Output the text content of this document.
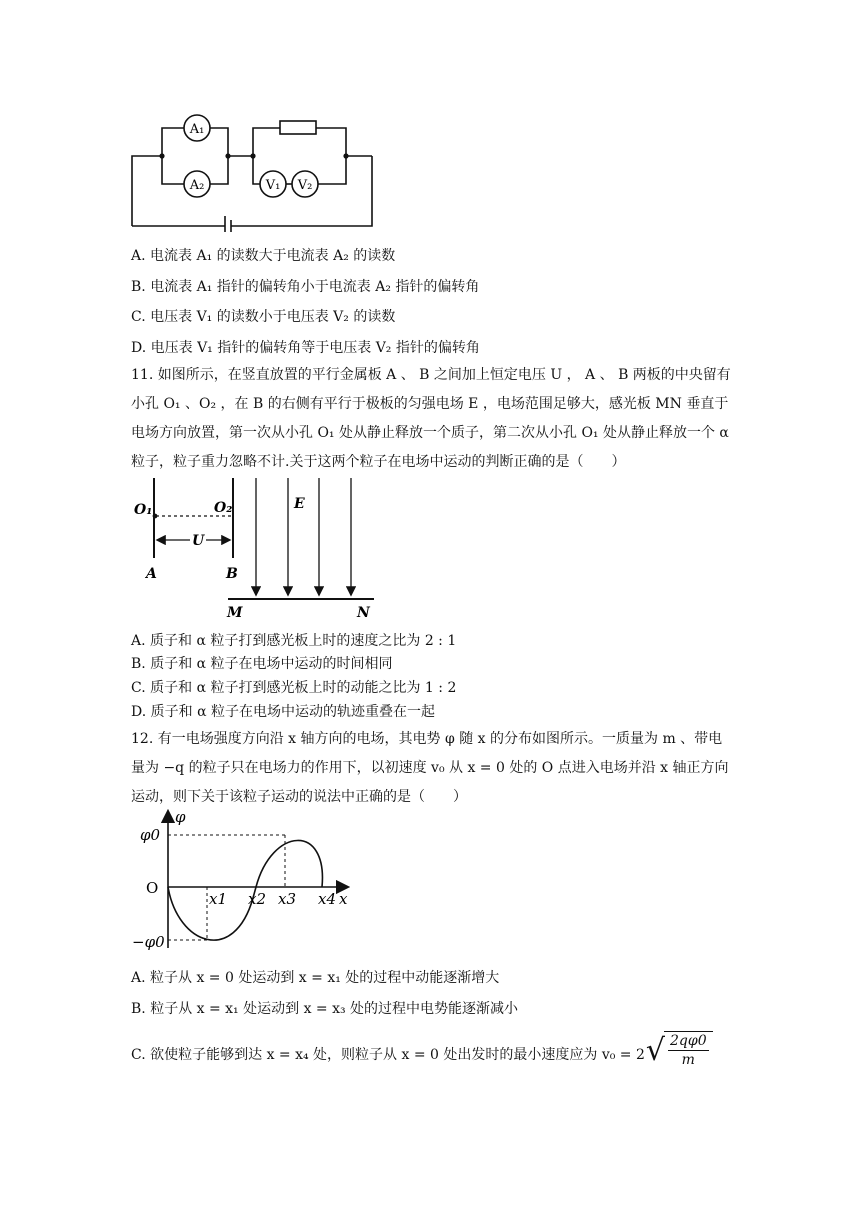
A₁
A₂	V₁ V₂
A. 电流表 A₁ 的读数大于电流表 A₂ 的读数
B. 电流表 A₁ 指针的偏转角小于电流表 A₂ 指针的偏转角
C. 电压表 V₁ 的读数小于电压表 V₂ 的读数
D. 电压表 V₁ 指针的偏转角等于电压表 V₂ 指针的偏转角
11. 如图所示，在竖直放置的平行金属板 A 、 B 之间加上恒定电压 U ， A 、 B 两板的中央留有小孔 O₁ 、O₂ ，在 B 的右侧有平行于极板的匀强电场 E ，电场范围足够大，感光板 MN 垂直于电场方向放置，第一次从小孔 O₁ 处从静止释放一个质子，第二次从小孔 O₁ 处从静止释放一个 α 粒子，粒子重力忽略不计.关于这两个粒子在电场中运动的判断正确的是（　　）
O₁	O₂
U
A	B
E
M	N
A. 质子和 α 粒子打到感光板上时的速度之比为 2 : 1
B. 质子和 α 粒子在电场中运动的时间相同
C. 质子和 α 粒子打到感光板上时的动能之比为 1 : 2
D. 质子和 α 粒子在电场中运动的轨迹重叠在一起
12. 有一电场强度方向沿 x 轴方向的电场，其电势 φ 随 x 的分布如图所示。一质量为 m 、带电量为 −q 的粒子只在电场力的作用下，以初速度 v₀ 从 x = 0 处的 O 点进入电场并沿 x 轴正方向运动，则下关于该粒子运动的说法中正确的是（　　）
φ
φ0
−φ0
x1 x2 x3 x4 x
O
A. 粒子从 x = 0 处运动到 x = x₁ 处的过程中动能逐渐增大
B. 粒子从 x = x₁ 处运动到 x = x₃ 处的过程中电势能逐渐减小
C. 欲使粒子能够到达 x = x₄ 处，则粒子从 x = 0 处出发时的最小速度应为 v₀ = 2 √ $\frac{2q\varphi 0}{m}$
